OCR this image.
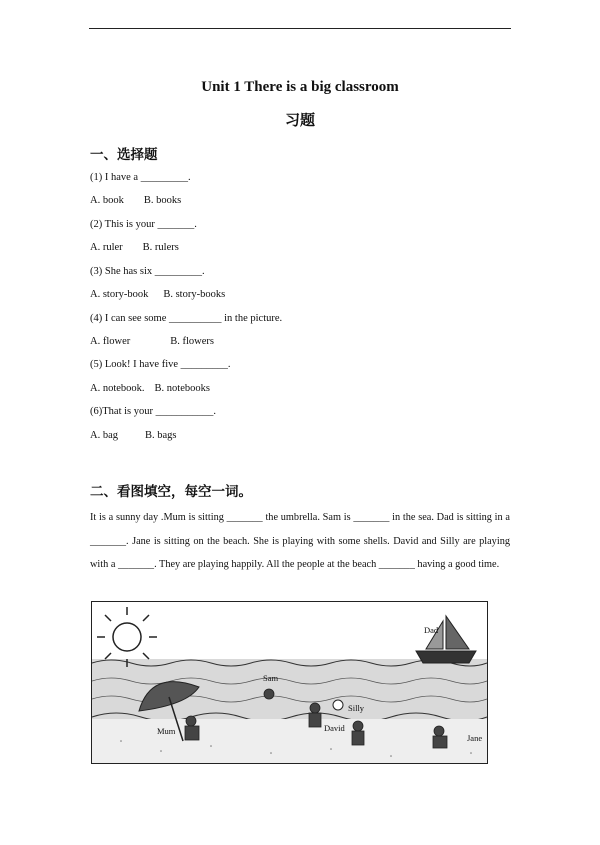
Unit 1 There is a big classroom
习题
一、选择题
(1) I have a _________.
A. book B. books
(2) This is your _______.
A. ruler B. rulers
(3) She has six _________.
A. story-book B. story-books
(4) I can see some __________ in the picture.
A. flower	B. flowers
(5) Look! I have five _________.
A. notebook. B. notebooks
(6)That is your ___________.
A. bag	B. bags
二、看图填空，每空一词。
It is a sunny day .Mum is sitting _______ the umbrella. Sam is _______ in the sea. Dad is sitting in a _______. Jane is sitting on the beach. She is playing with some shells. David and Silly are playing with a _______. They are playing happily. All the people at the beach _______ having a good time.
Dad
Sam
Silly
David
Mum
Jane
